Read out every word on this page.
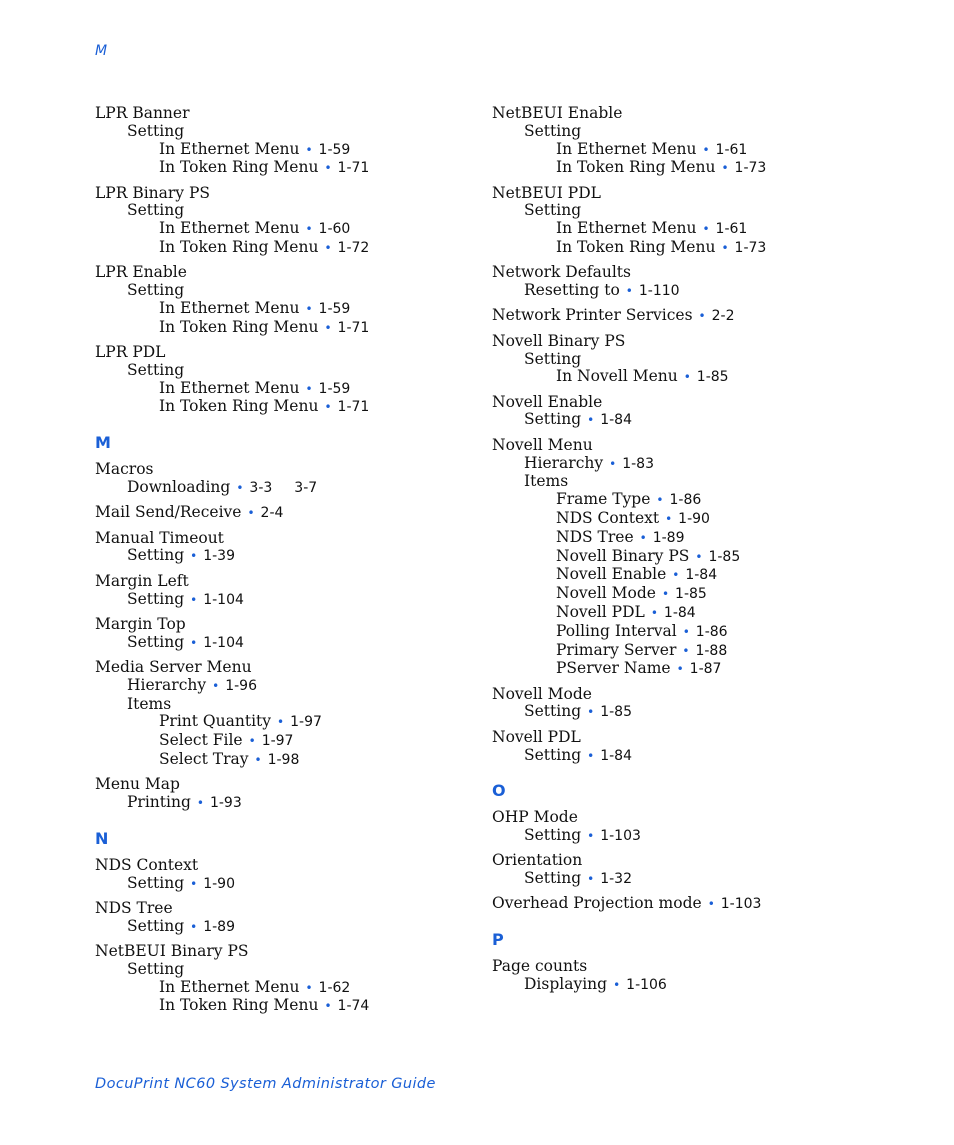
M
LPR Banner
Setting
In Ethernet Menu • 1-59
In Token Ring Menu • 1-71
LPR Binary PS
Setting
In Ethernet Menu • 1-60
In Token Ring Menu • 1-72
LPR Enable
Setting
In Ethernet Menu • 1-59
In Token Ring Menu • 1-71
LPR PDL
Setting
In Ethernet Menu • 1-59
In Token Ring Menu • 1-71
M
Macros
Downloading • 3-3 3-7
Mail Send/Receive • 2-4
Manual Timeout
Setting • 1-39
Margin Left
Setting • 1-104
Margin Top
Setting • 1-104
Media Server Menu
Hierarchy • 1-96
Items
Print Quantity • 1-97
Select File • 1-97
Select Tray • 1-98
Menu Map
Printing • 1-93
N
NDS Context
Setting • 1-90
NDS Tree
Setting • 1-89
NetBEUI Binary PS
Setting
In Ethernet Menu • 1-62
In Token Ring Menu • 1-74
NetBEUI Enable
Setting
In Ethernet Menu • 1-61
In Token Ring Menu • 1-73
NetBEUI PDL
Setting
In Ethernet Menu • 1-61
In Token Ring Menu • 1-73
Network Defaults
Resetting to • 1-110
Network Printer Services • 2-2
Novell Binary PS
Setting
In Novell Menu • 1-85
Novell Enable
Setting • 1-84
Novell Menu
Hierarchy • 1-83
Items
Frame Type • 1-86
NDS Context • 1-90
NDS Tree • 1-89
Novell Binary PS • 1-85
Novell Enable • 1-84
Novell Mode • 1-85
Novell PDL • 1-84
Polling Interval • 1-86
Primary Server • 1-88
PServer Name • 1-87
Novell Mode
Setting • 1-85
Novell PDL
Setting • 1-84
O
OHP Mode
Setting • 1-103
Orientation
Setting • 1-32
Overhead Projection mode • 1-103
P
Page counts
Displaying • 1-106
DocuPrint NC60 System Administrator Guide
